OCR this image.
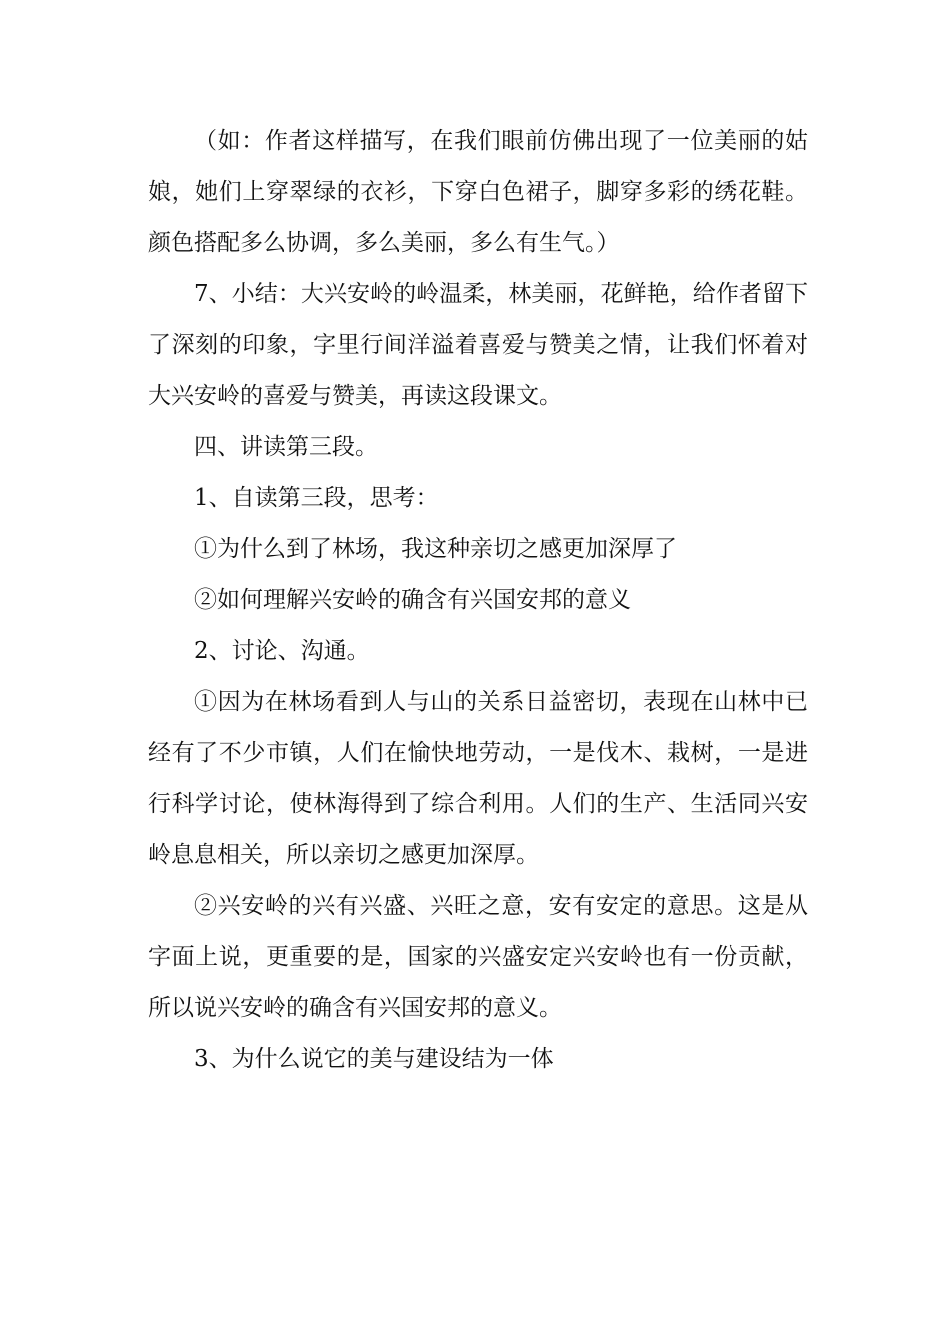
（如：作者这样描写，在我们眼前仿佛出现了一位美丽的姑娘，她们上穿翠绿的衣衫，下穿白色裙子，脚穿多彩的绣花鞋。颜色搭配多么协调，多么美丽，多么有生气。）

7、小结：大兴安岭的岭温柔，林美丽，花鲜艳，给作者留下了深刻的印象，字里行间洋溢着喜爱与赞美之情，让我们怀着对大兴安岭的喜爱与赞美，再读这段课文。

四、讲读第三段。

1、自读第三段，思考：

①为什么到了林场，我这种亲切之感更加深厚了

②如何理解兴安岭的确含有兴国安邦的意义

2、讨论、沟通。

①因为在林场看到人与山的关系日益密切，表现在山林中已经有了不少市镇，人们在愉快地劳动，一是伐木、栽树，一是进行科学讨论，使林海得到了综合利用。人们的生产、生活同兴安岭息息相关，所以亲切之感更加深厚。

②兴安岭的兴有兴盛、兴旺之意，安有安定的意思。这是从字面上说，更重要的是，国家的兴盛安定兴安岭也有一份贡献，所以说兴安岭的确含有兴国安邦的意义。

3、为什么说它的美与建设结为一体
